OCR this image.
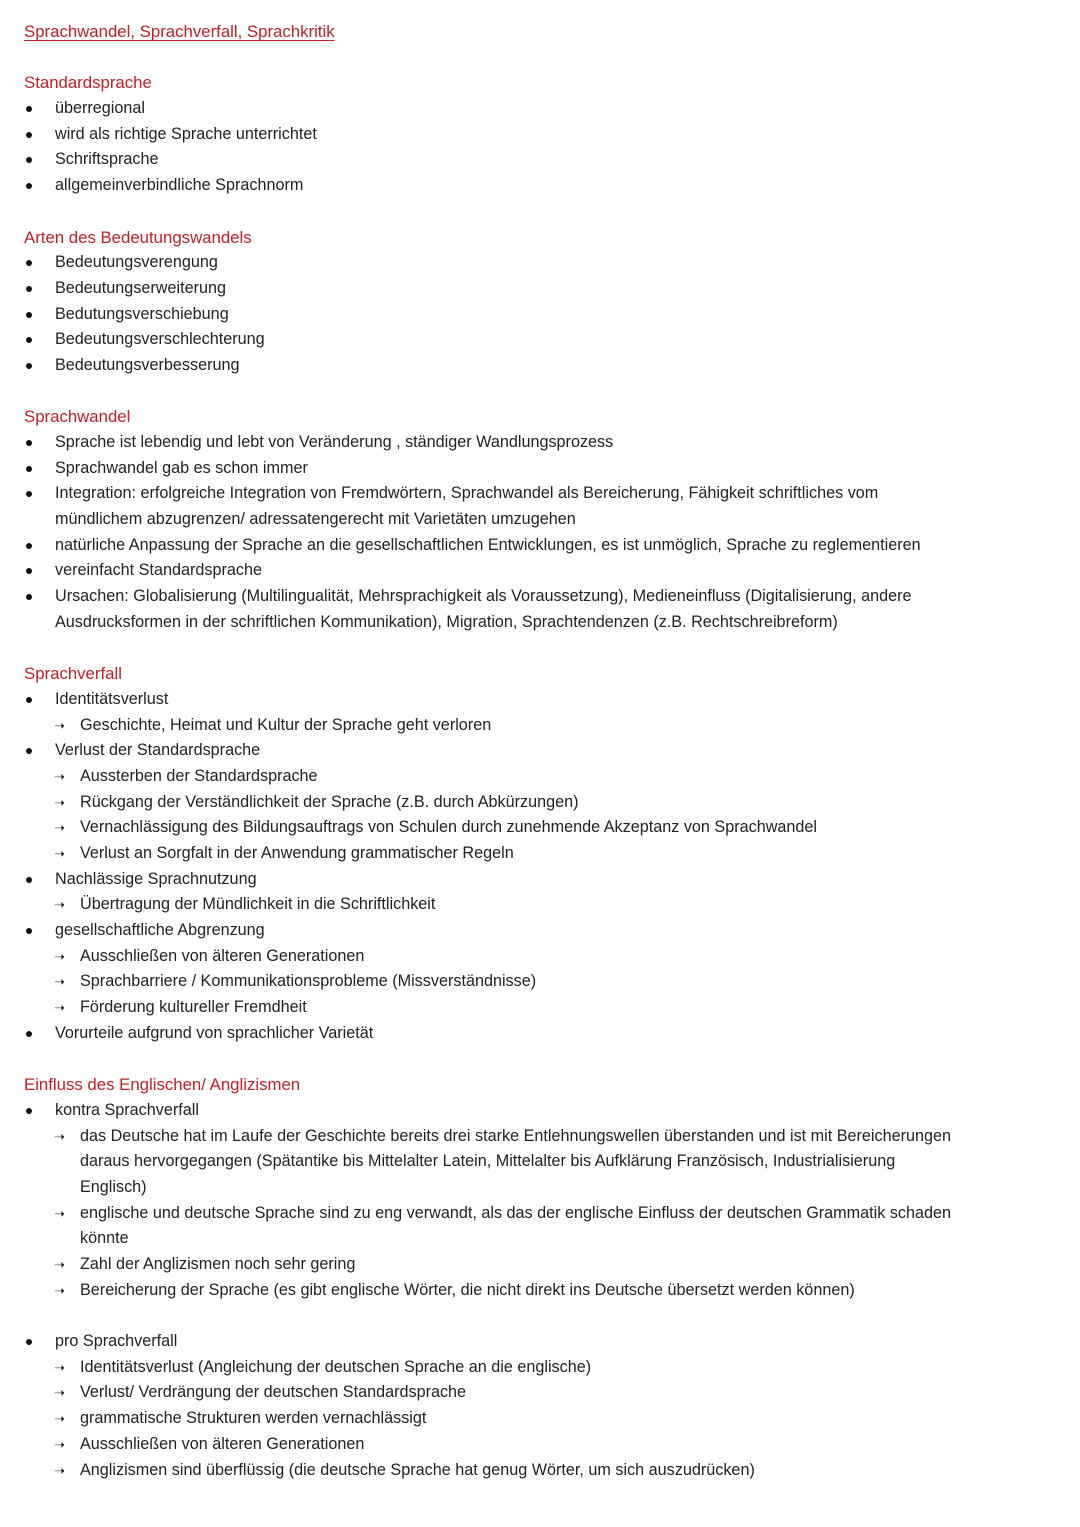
Sprachwandel, Sprachverfall, Sprachkritik
Standardsprache
überregional
wird als richtige Sprache unterrichtet
Schriftsprache
allgemeinverbindliche Sprachnorm
Arten des Bedeutungswandels
Bedeutungsverengung
Bedeutungserweiterung
Bedutungsverschiebung
Bedeutungsverschlechterung
Bedeutungsverbesserung
Sprachwandel
Sprache ist lebendig und lebt von Veränderung , ständiger Wandlungsprozess
Sprachwandel gab es schon immer
Integration: erfolgreiche Integration von Fremdwörtern, Sprachwandel als Bereicherung, Fähigkeit schriftliches vom
mündlichem abzugrenzen/ adressatengerecht mit Varietäten umzugehen
natürliche Anpassung der Sprache an die gesellschaftlichen Entwicklungen, es ist unmöglich, Sprache zu reglementieren
vereinfacht Standardsprache
Ursachen: Globalisierung (Multilingualität, Mehrsprachigkeit als Voraussetzung), Medieneinfluss (Digitalisierung, andere
Ausdrucksformen in der schriftlichen Kommunikation), Migration, Sprachtendenzen (z.B. Rechtschreibreform)
Sprachverfall
Identitätsverlust
➝ Geschichte, Heimat und Kultur der Sprache geht verloren
Verlust der Standardsprache
➝ Aussterben der Standardsprache
➝ Rückgang der Verständlichkeit der Sprache (z.B. durch Abkürzungen)
➝ Vernachlässigung des Bildungsauftrags von Schulen durch zunehmende Akzeptanz von Sprachwandel
➝ Verlust an Sorgfalt in der Anwendung grammatischer Regeln
Nachlässige Sprachnutzung
➝ Übertragung der Mündlichkeit in die Schriftlichkeit
gesellschaftliche Abgrenzung
➝ Ausschließen von älteren Generationen
➝ Sprachbarriere / Kommunikationsprobleme (Missverständnisse)
➝ Förderung kultureller Fremdheit
Vorurteile aufgrund von sprachlicher Varietät
Einfluss des Englischen/ Anglizismen
kontra Sprachverfall
➝ das Deutsche hat im Laufe der Geschichte bereits drei starke Entlehnungswellen überstanden und ist mit Bereicherungen
daraus hervorgegangen (Spätantike bis Mittelalter Latein, Mittelalter bis Aufklärung Französisch, Industrialisierung
Englisch)
➝ englische und deutsche Sprache sind zu eng verwandt, als das der englische Einfluss der deutschen Grammatik schaden
könnte
➝ Zahl der Anglizismen noch sehr gering
➝ Bereicherung der Sprache (es gibt englische Wörter, die nicht direkt ins Deutsche übersetzt werden können)
pro Sprachverfall
➝ Identitätsverlust (Angleichung der deutschen Sprache an die englische)
➝ Verlust/ Verdrängung der deutschen Standardsprache
➝ grammatische Strukturen werden vernachlässigt
➝ Ausschließen von älteren Generationen
➝ Anglizismen sind überflüssig (die deutsche Sprache hat genug Wörter, um sich auszudrücken)
